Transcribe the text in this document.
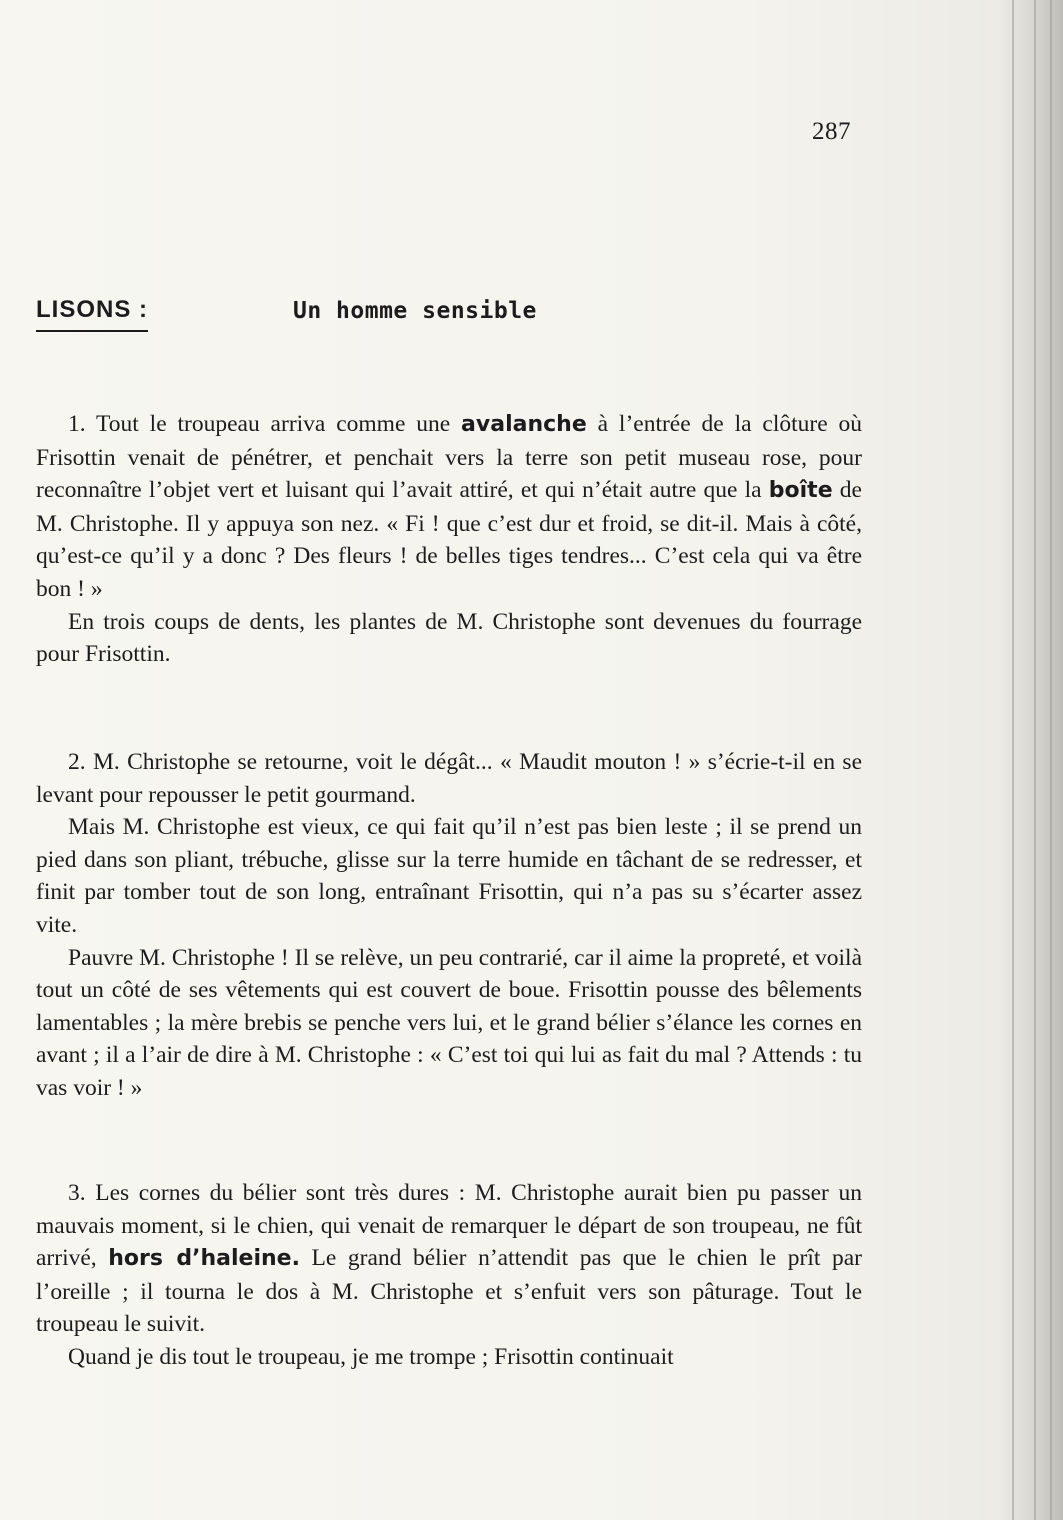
287
LISONS :	Un homme sensible

1. Tout le troupeau arriva comme une avalanche à l’entrée de la clôture où Frisottin venait de pénétrer, et penchait vers la terre son petit museau rose, pour reconnaître l’objet vert et luisant qui l’avait attiré, et qui n’était autre que la boîte de M. Christophe. Il y appuya son nez. « Fi ! que c’est dur et froid, se dit-il. Mais à côté, qu’est-ce qu’il y a donc ? Des fleurs ! de belles tiges tendres... C’est cela qui va être bon ! »

En trois coups de dents, les plantes de M. Christophe sont devenues du fourrage pour Frisottin.

2. M. Christophe se retourne, voit le dégât... « Maudit mouton ! » s’écrie-t-il en se levant pour repousser le petit gourmand.

Mais M. Christophe est vieux, ce qui fait qu’il n’est pas bien leste ; il se prend un pied dans son pliant, trébuche, glisse sur la terre humide en tâchant de se redresser, et finit par tomber tout de son long, entraînant Frisottin, qui n’a pas su s’écarter assez vite.

Pauvre M. Christophe ! Il se relève, un peu contrarié, car il aime la propreté, et voilà tout un côté de ses vêtements qui est couvert de boue. Frisottin pousse des bêlements lamentables ; la mère brebis se penche vers lui, et le grand bélier s’élance les cornes en avant ; il a l’air de dire à M. Christophe : « C’est toi qui lui as fait du mal ? Attends : tu vas voir ! »

3. Les cornes du bélier sont très dures : M. Christophe aurait bien pu passer un mauvais moment, si le chien, qui venait de remarquer le départ de son troupeau, ne fût arrivé, hors d’haleine. Le grand bélier n’attendit pas que le chien le prît par l’oreille ; il tourna le dos à M. Christophe et s’enfuit vers son pâturage. Tout le troupeau le suivit.

Quand je dis tout le troupeau, je me trompe ; Frisottin continuait
